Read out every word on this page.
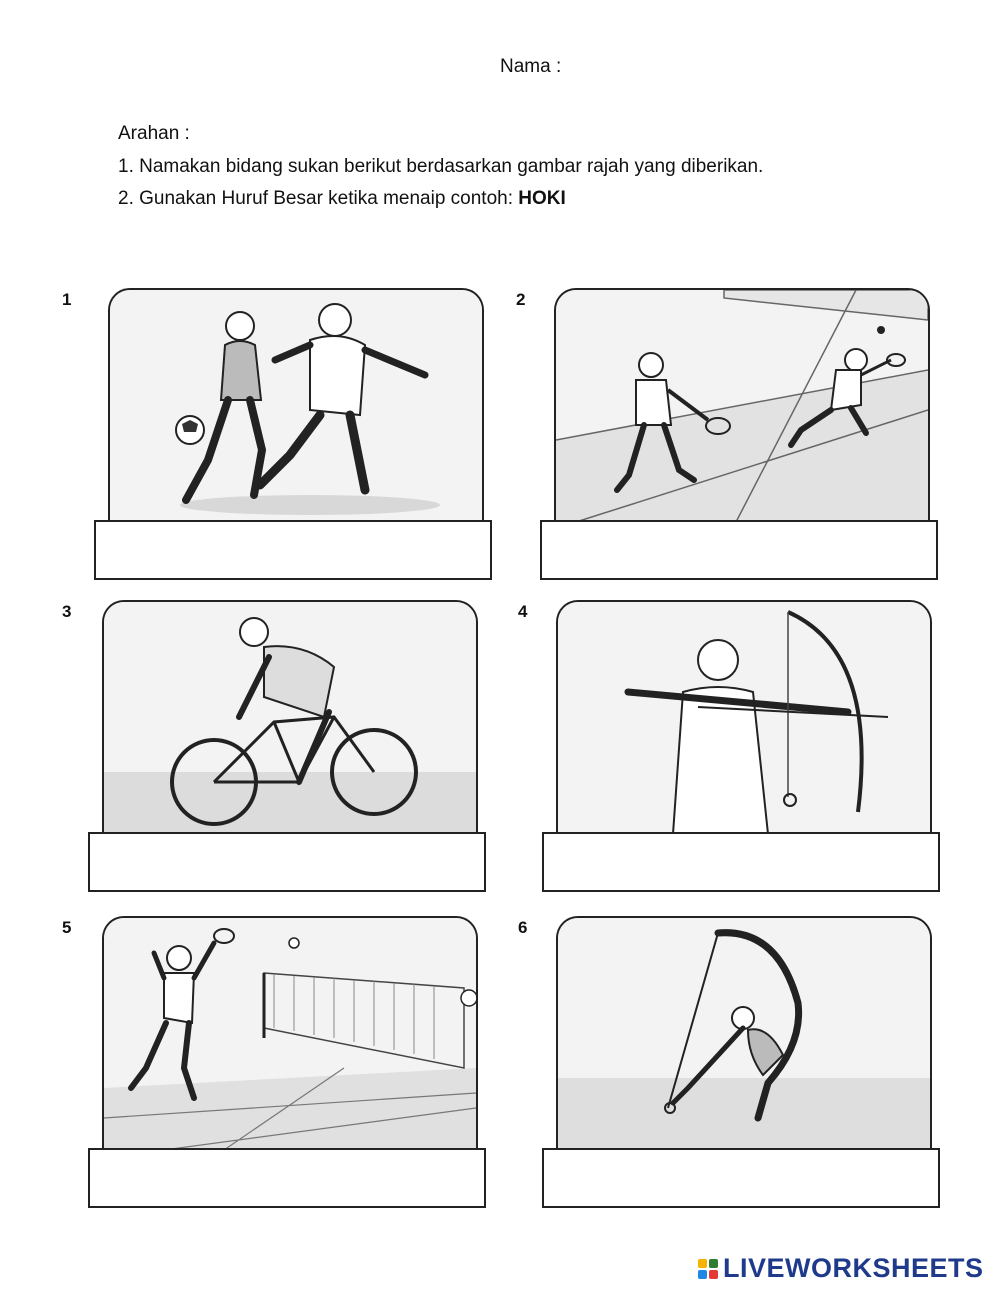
Nama :
Arahan :
1. Namakan bidang sukan berikut berdasarkan gambar rajah yang diberikan.
2. Gunakan Huruf Besar ketika menaip contoh: HOKI
1	2
3	4
5	6
LIVEWORKSHEETS
